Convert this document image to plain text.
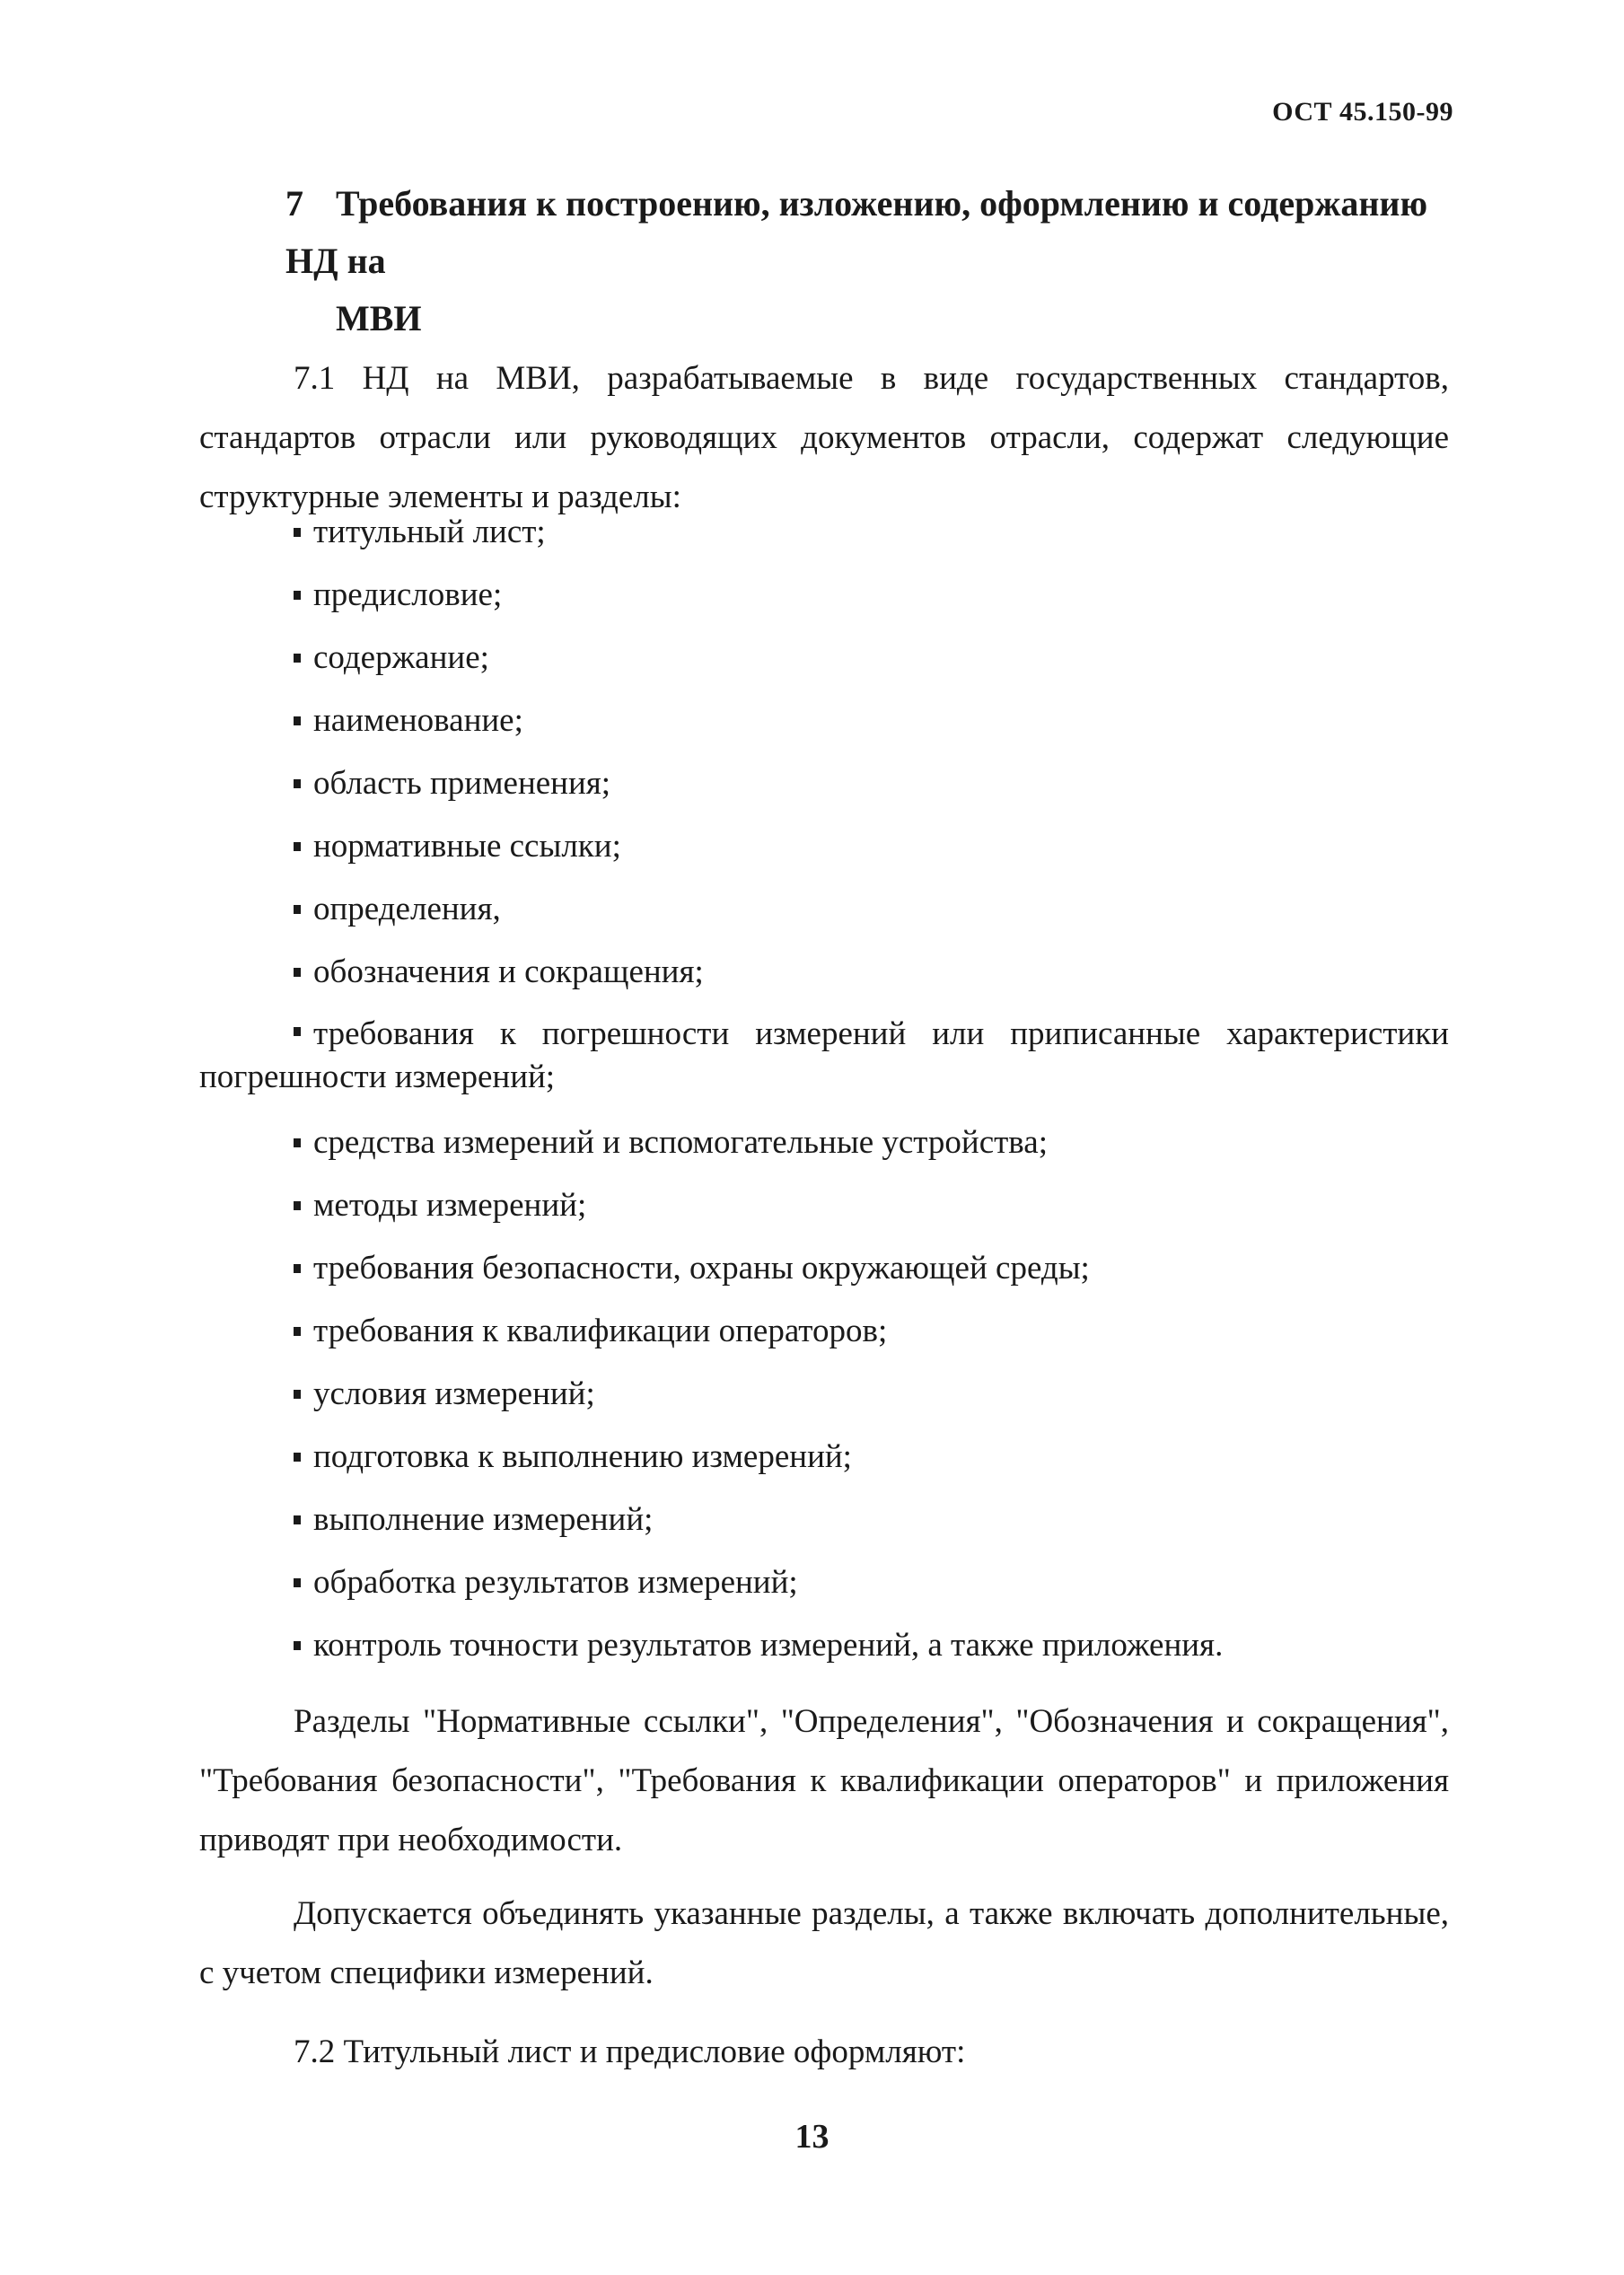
ОСТ 45.150-99
7 Требования к построению, изложению, оформлению и содержанию НД на
МВИ

7.1 НД на МВИ, разрабатываемые в виде государственных стандартов, стандартов отрасли или руководящих документов отрасли, содержат следующие структурные элементы и разделы:

титульный лист;
предисловие;
содержание;
наименование;
область применения;
нормативные ссылки;
определения,
обозначения и сокращения;
требования к погрешности измерений или приписанные характеристики погрешности измерений;
средства измерений и вспомогательные устройства;
методы измерений;
требования безопасности, охраны окружающей среды;
требования к квалификации операторов;
условия измерений;
подготовка к выполнению измерений;
выполнение измерений;
обработка результатов измерений;
контроль точности результатов измерений, а также приложения.

Разделы "Нормативные ссылки", "Определения", "Обозначения и сокращения", "Требования безопасности", "Требования к квалификации операторов" и приложения приводят при необходимости.

Допускается объединять указанные разделы, а также включать дополнительные, с учетом специфики измерений.

7.2 Титульный лист и предисловие оформляют:

13
